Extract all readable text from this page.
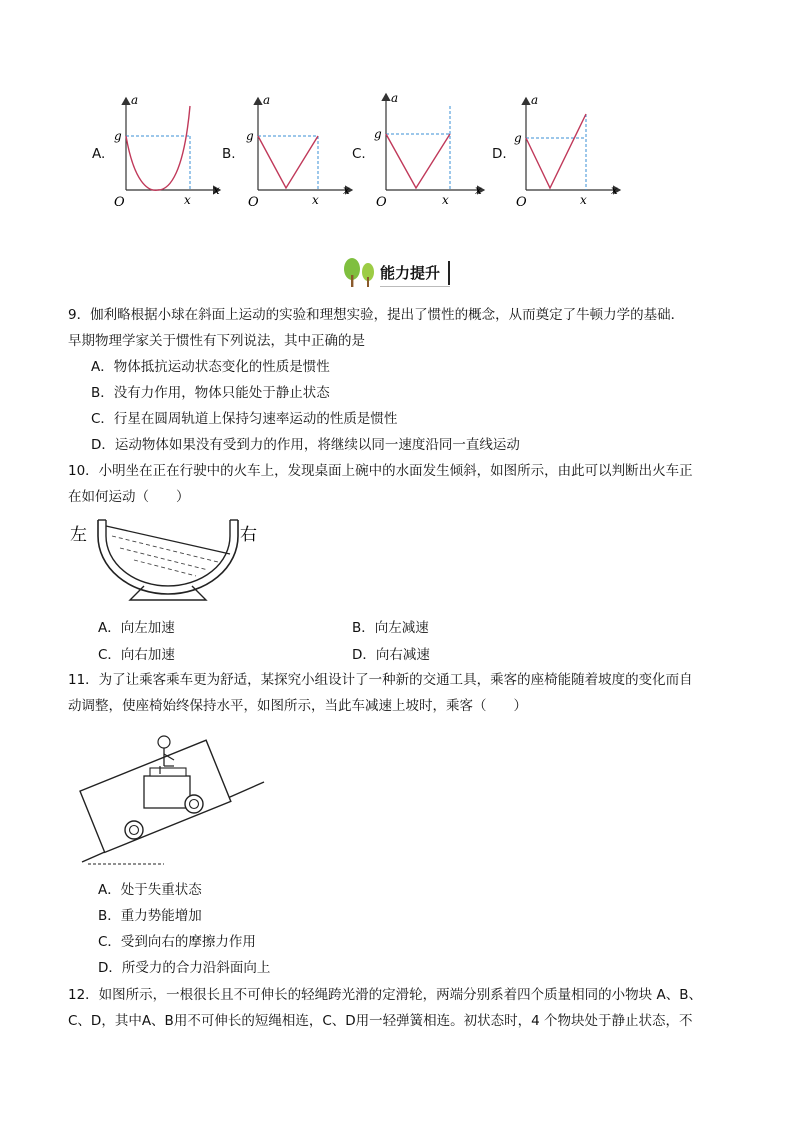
A.
a
g
O	x
x
B.
a
g
O	x
x
C.
a
g
O	x
x
D.
a
g
O	x
x
能力提升
9．伽利略根据小球在斜面上运动的实验和理想实验，提出了惯性的概念，从而奠定了牛顿力学的基础．
早期物理学家关于惯性有下列说法，其中正确的是
A．物体抵抗运动状态变化的性质是惯性
B．没有力作用，物体只能处于静止状态
C．行星在圆周轨道上保持匀速率运动的性质是惯性
D．运动物体如果没有受到力的作用，将继续以同一速度沿同一直线运动
10．小明坐在正在行驶中的火车上，发现桌面上碗中的水面发生倾斜，如图所示，由此可以判断出火车正
在如何运动（　　）
左	右
A．向左加速	B．向左减速
C．向右加速	D．向右减速
11．为了让乘客乘车更为舒适，某探究小组设计了一种新的交通工具，乘客的座椅能随着坡度的变化而自
动调整，使座椅始终保持水平，如图所示，当此车减速上坡时，乘客（　　）
A．处于失重状态
B．重力势能增加
C．受到向右的摩擦力作用
D．所受力的合力沿斜面向上
12．如图所示，一根很长且不可伸长的轻绳跨光滑的定滑轮，两端分别系着四个质量相同的小物块 A、B、
C、D，其中A、B用不可伸长的短绳相连，C、D用一轻弹簧相连。初状态时，4 个物块处于静止状态，不
